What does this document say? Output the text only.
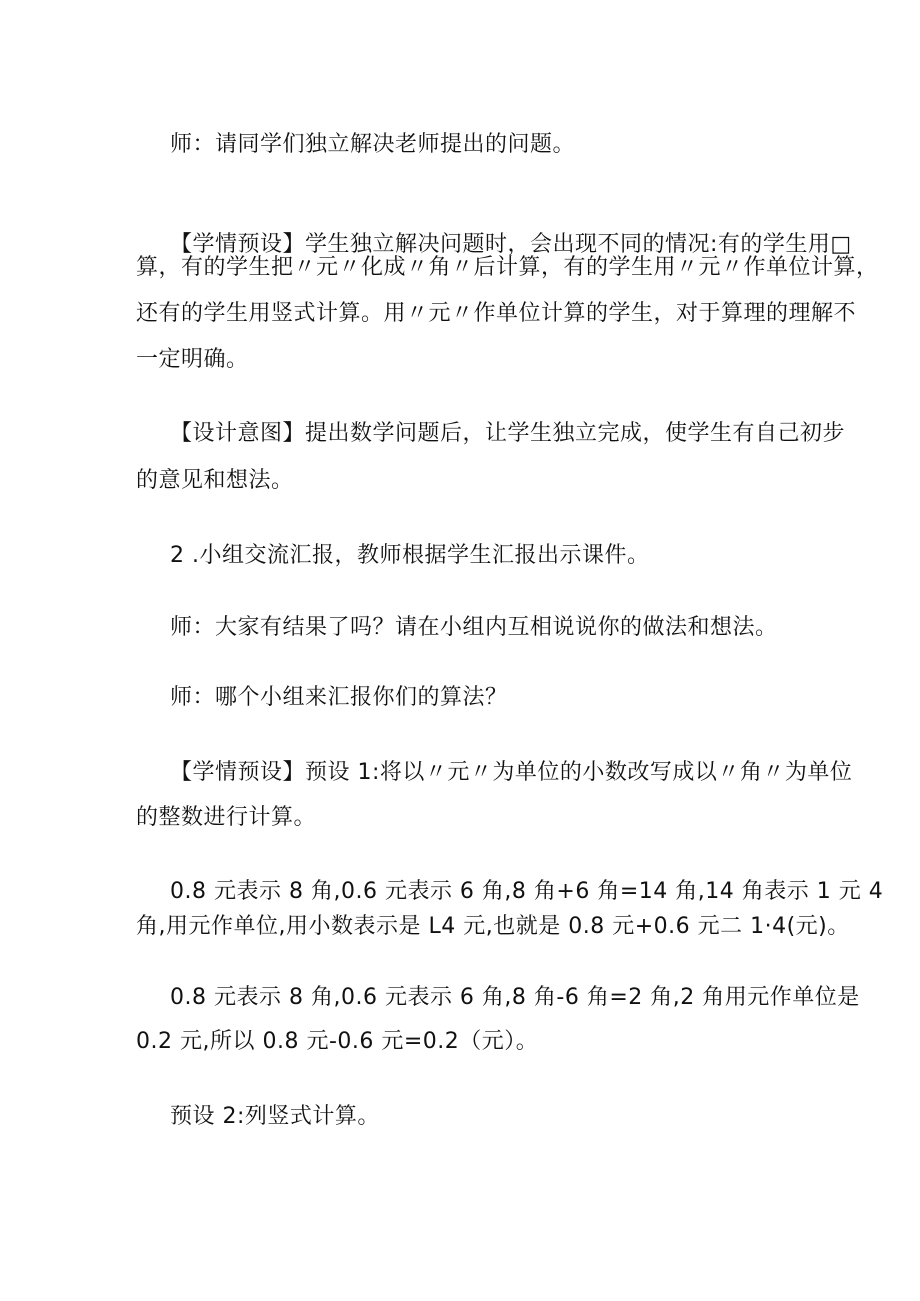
师：请同学们独立解决老师提出的问题。
【学情预设】学生独立解决问题时，会出现不同的情况:有的学生用□
算，有的学生把〃元〃化成〃角〃后计算，有的学生用〃元〃作单位计算，
还有的学生用竖式计算。用〃元〃作单位计算的学生，对于算理的理解不
一定明确。
【设计意图】提出数学问题后，让学生独立完成，使学生有自己初步
的意见和想法。
2 .小组交流汇报，教师根据学生汇报出示课件。
师：大家有结果了吗？请在小组内互相说说你的做法和想法。
师：哪个小组来汇报你们的算法？
【学情预设】预设 1:将以〃元〃为单位的小数改写成以〃角〃为单位
的整数进行计算。
0.8 元表示 8 角,0.6 元表示 6 角,8 角+6 角=14 角,14 角表示 1 元 4
角,用元作单位,用小数表示是 L4 元,也就是 0.8 元+0.6 元二 1·4(元)。
0.8 元表示 8 角,0.6 元表示 6 角,8 角-6 角=2 角,2 角用元作单位是
0.2 元,所以 0.8 元-0.6 元=0.2（元）。
预设 2:列竖式计算。
